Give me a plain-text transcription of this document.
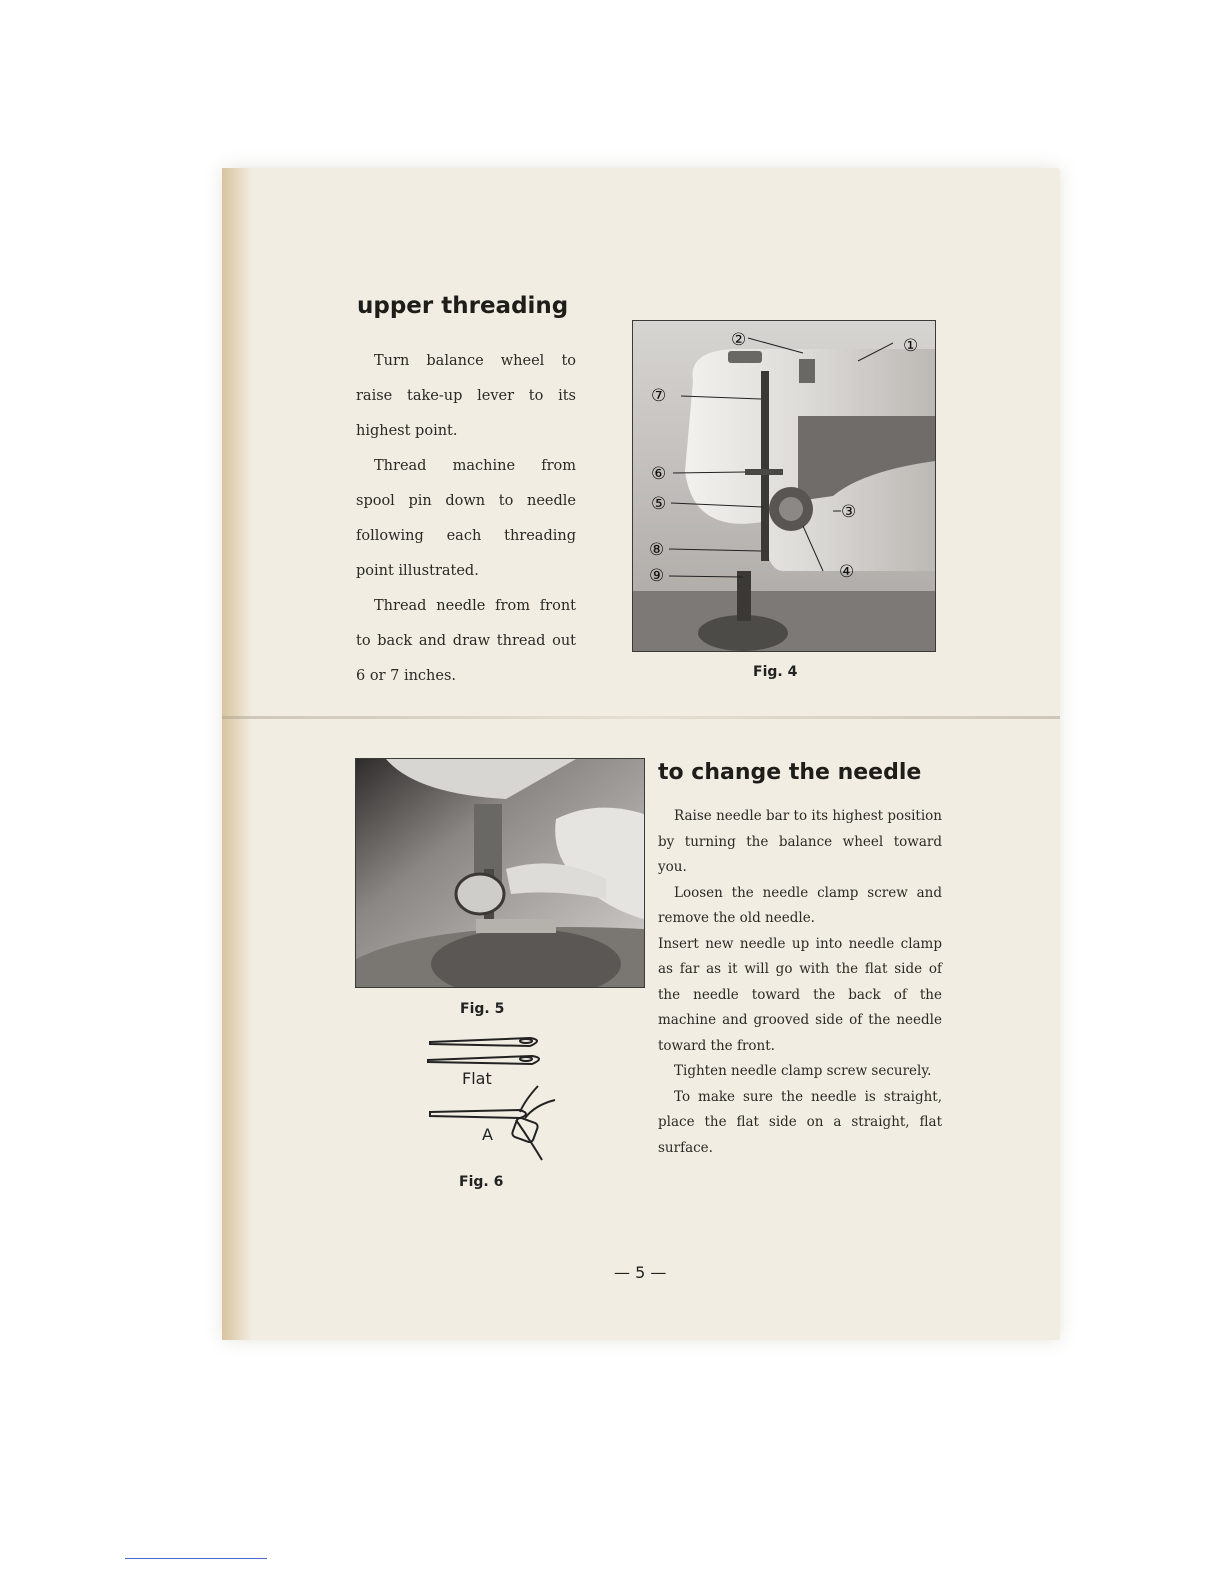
upper threading

Turn balance wheel to raise take-up lever to its highest point.

Thread machine from spool pin down to needle following each threading point illustrated.

Thread needle from front to back and draw thread out 6 or 7 inches.

①
②
③
④
⑤
⑥
⑦
⑧
⑨

Fig. 4

Fig. 5

Flat
A

Fig. 6

to change the needle

Raise needle bar to its highest position by turning the balance wheel toward you.

Loosen the needle clamp screw and remove the old needle.

Insert new needle up into needle clamp as far as it will go with the flat side of the needle toward the back of the machine and grooved side of the needle toward the front.

Tighten needle clamp screw securely.

To make sure the needle is straight, place the flat side on a straight, flat surface.

— 5 —
